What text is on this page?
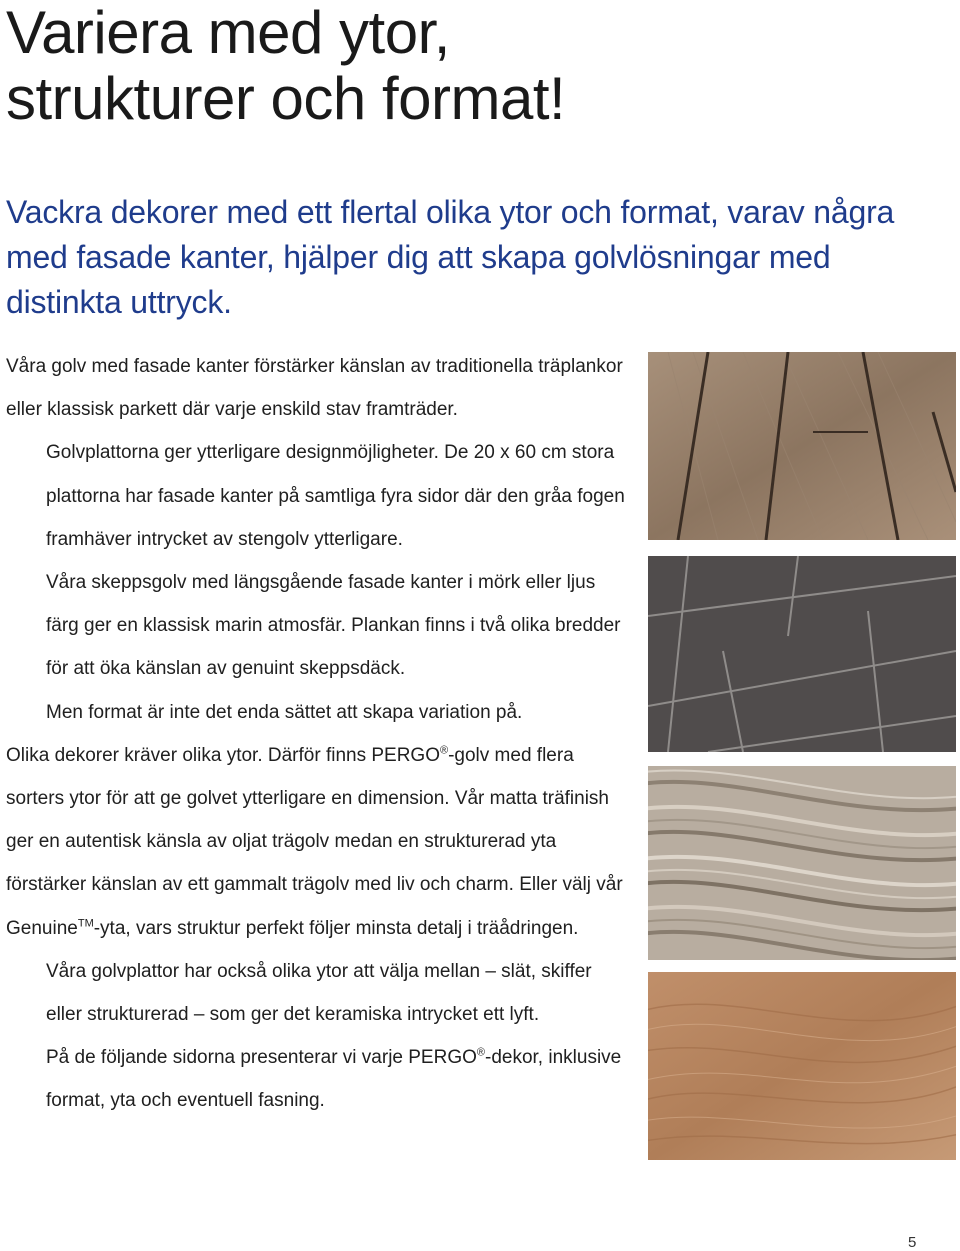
Variera med ytor,
strukturer och format!

Vackra dekorer med ett flertal olika ytor och format, varav några med fasade kanter, hjälper dig att skapa golvlösningar med distinkta uttryck.

Våra golv med fasade kanter förstärker känslan av traditionella träplankor eller klassisk parkett där varje enskild stav framträder.

Golvplattorna ger ytterligare designmöjligheter. De 20 x 60 cm stora plattorna har fasade kanter på samtliga fyra sidor där den gråa fogen framhäver intrycket av stengolv ytterligare.

Våra skeppsgolv med längsgående fasade kanter i mörk eller ljus färg ger en klassisk marin atmosfär. Plankan finns i två olika bredder för att öka känslan av genuint skeppsdäck.

Men format är inte det enda sättet att skapa variation på.

Olika dekorer kräver olika ytor. Därför finns PERGO®-golv med flera sorters ytor för att ge golvet ytterligare en dimension. Vår matta träfinish ger en autentisk känsla av oljat trägolv medan en strukturerad yta förstärker känslan av ett gammalt trägolv med liv och charm. Eller välj vår Genuine™-yta, vars struktur perfekt följer minsta detalj i träådringen.

Våra golvplattor har också olika ytor att välja mellan – slät, skiffer eller strukturerad – som ger det keramiska intrycket ett lyft.

På de följande sidorna presenterar vi varje PERGO®-dekor, inklusive format, yta och eventuell fasning.

5
